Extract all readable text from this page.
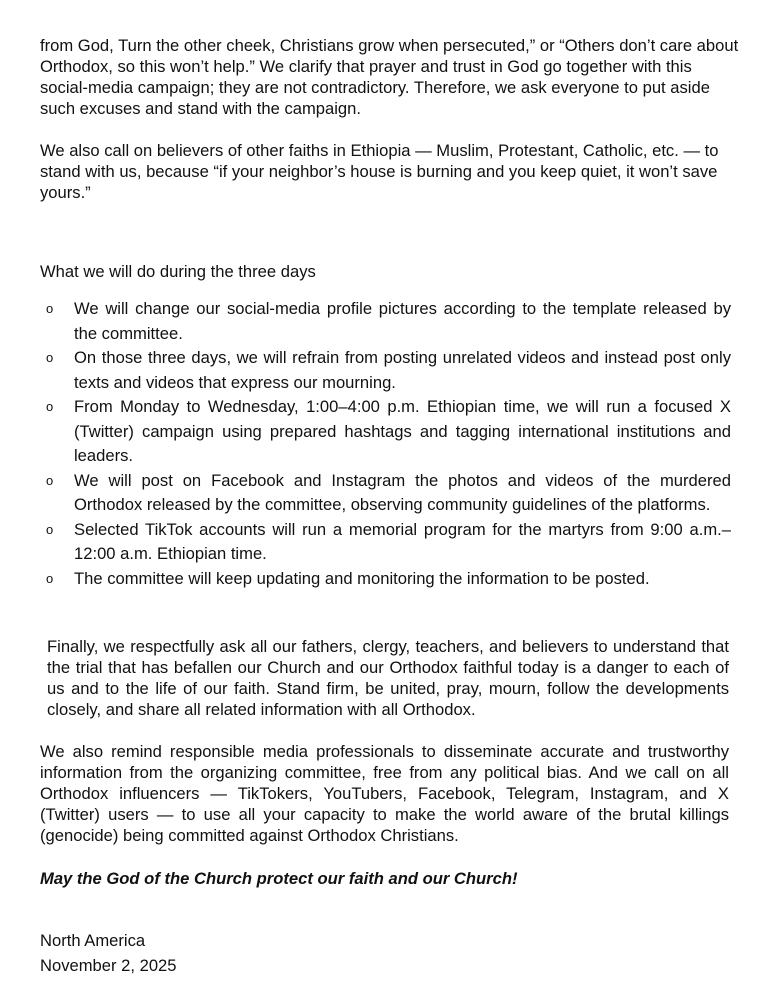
from God, Turn the other cheek, Christians grow when persecuted,” or “Others don’t care about Orthodox, so this won’t help.” We clarify that prayer and trust in God go together with this social-media campaign; they are not contradictory. Therefore, we ask everyone to put aside such excuses and stand with the campaign.

We also call on believers of other faiths in Ethiopia — Muslim, Protestant, Catholic, etc. — to stand with us, because “if your neighbor’s house is burning and you keep quiet, it won’t save yours.”

What we will do during the three days

o We will change our social-media profile pictures according to the template released by the committee.
o On those three days, we will refrain from posting unrelated videos and instead post only texts and videos that express our mourning.
o From Monday to Wednesday, 1:00–4:00 p.m. Ethiopian time, we will run a focused X (Twitter) campaign using prepared hashtags and tagging international institutions and leaders.
o We will post on Facebook and Instagram the photos and videos of the murdered Orthodox released by the committee, observing community guidelines of the platforms.
o Selected TikTok accounts will run a memorial program for the martyrs from 9:00 a.m.–12:00 a.m. Ethiopian time.
o The committee will keep updating and monitoring the information to be posted.

Finally, we respectfully ask all our fathers, clergy, teachers, and believers to understand that the trial that has befallen our Church and our Orthodox faithful today is a danger to each of us and to the life of our faith. Stand firm, be united, pray, mourn, follow the developments closely, and share all related information with all Orthodox.

We also remind responsible media professionals to disseminate accurate and trustworthy information from the organizing committee, free from any political bias. And we call on all Orthodox influencers — TikTokers, YouTubers, Facebook, Telegram, Instagram, and X (Twitter) users — to use all your capacity to make the world aware of the brutal killings (genocide) being committed against Orthodox Christians.

May the God of the Church protect our faith and our Church!

North America

November 2, 2025
